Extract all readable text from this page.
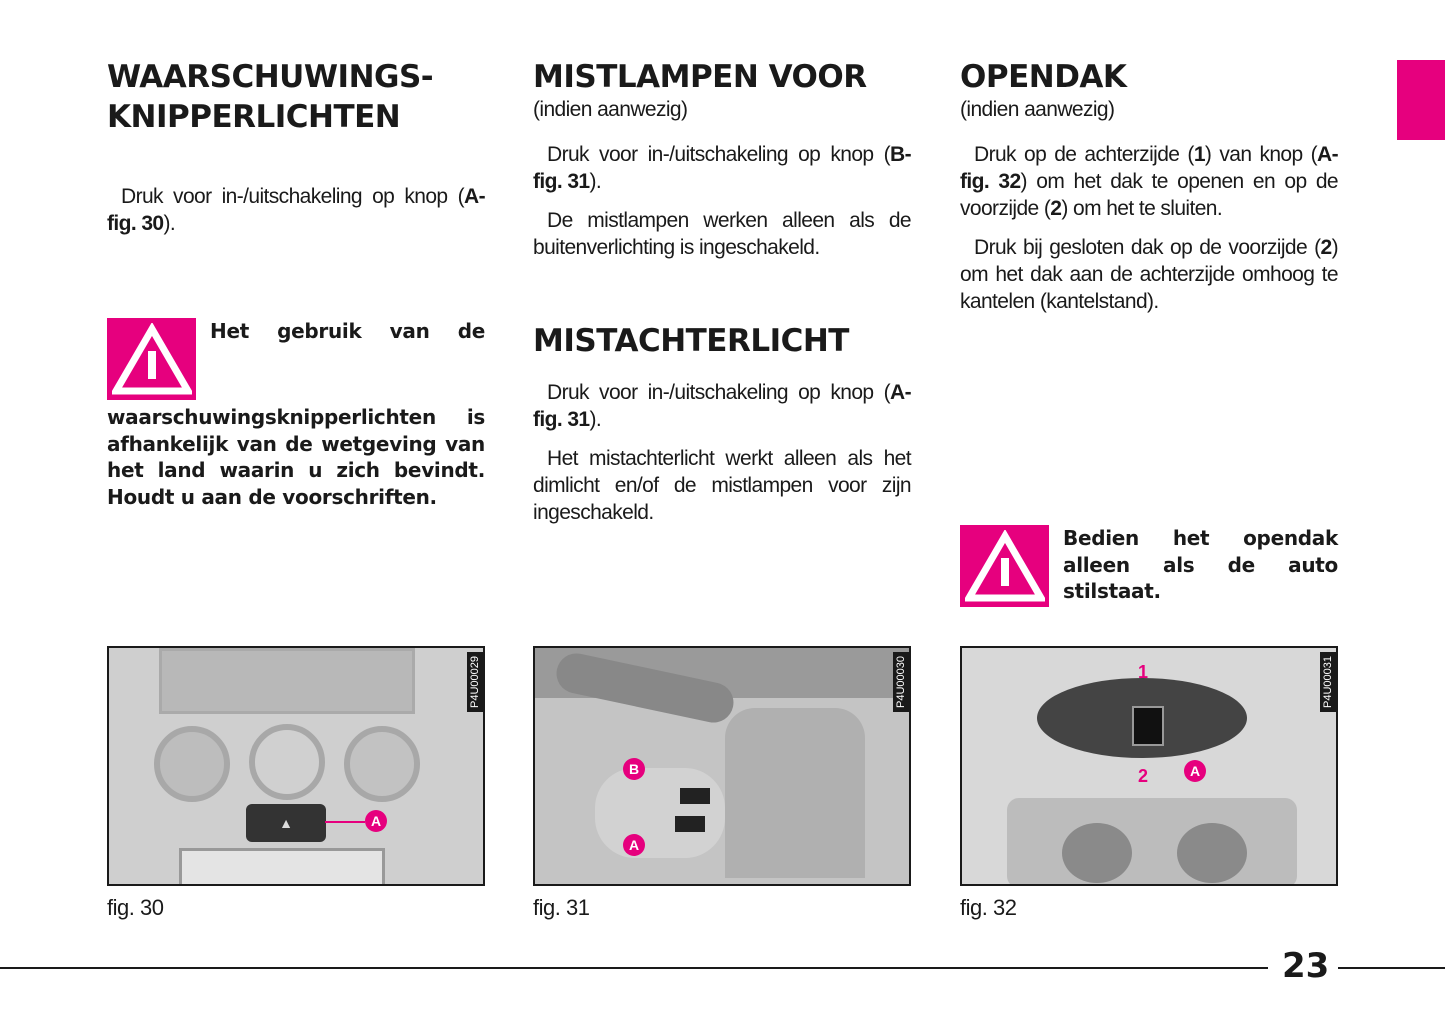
WAARSCHUWINGS-
KNIPPERLICHTEN

Druk voor in-/uitschakeling op knop (A-fig. 30).

Het gebruik van de waarschuwingsknipperlichten is afhankelijk van de wetgeving van het land waarin u zich bevindt. Houdt u aan de voorschriften.
▲	A
P4U00029
fig. 30
MISTLAMPEN VOOR
(indien aanwezig)

Druk voor in-/uitschakeling op knop (B-fig. 31).

De mistlampen werken alleen als de buitenverlichting is ingeschakeld.

MISTACHTERLICHT

Druk voor in-/uitschakeling op knop (A-fig. 31).

Het mistachterlicht werkt alleen als het dimlicht en/of de mistlampen voor zijn ingeschakeld.

B
A
P4U00030
fig. 31
OPENDAK
(indien aanwezig)

Druk op de achterzijde (1) van knop (A-fig. 32) om het dak te openen en op de voorzijde (2) om het te sluiten.

Druk bij gesloten dak op de voorzijde (2) om het dak aan de achterzijde omhoog te kantelen (kantelstand).

Bedien het opendak alleen als de auto stilstaat.
1
2	A
P4U00031
fig. 32
23
